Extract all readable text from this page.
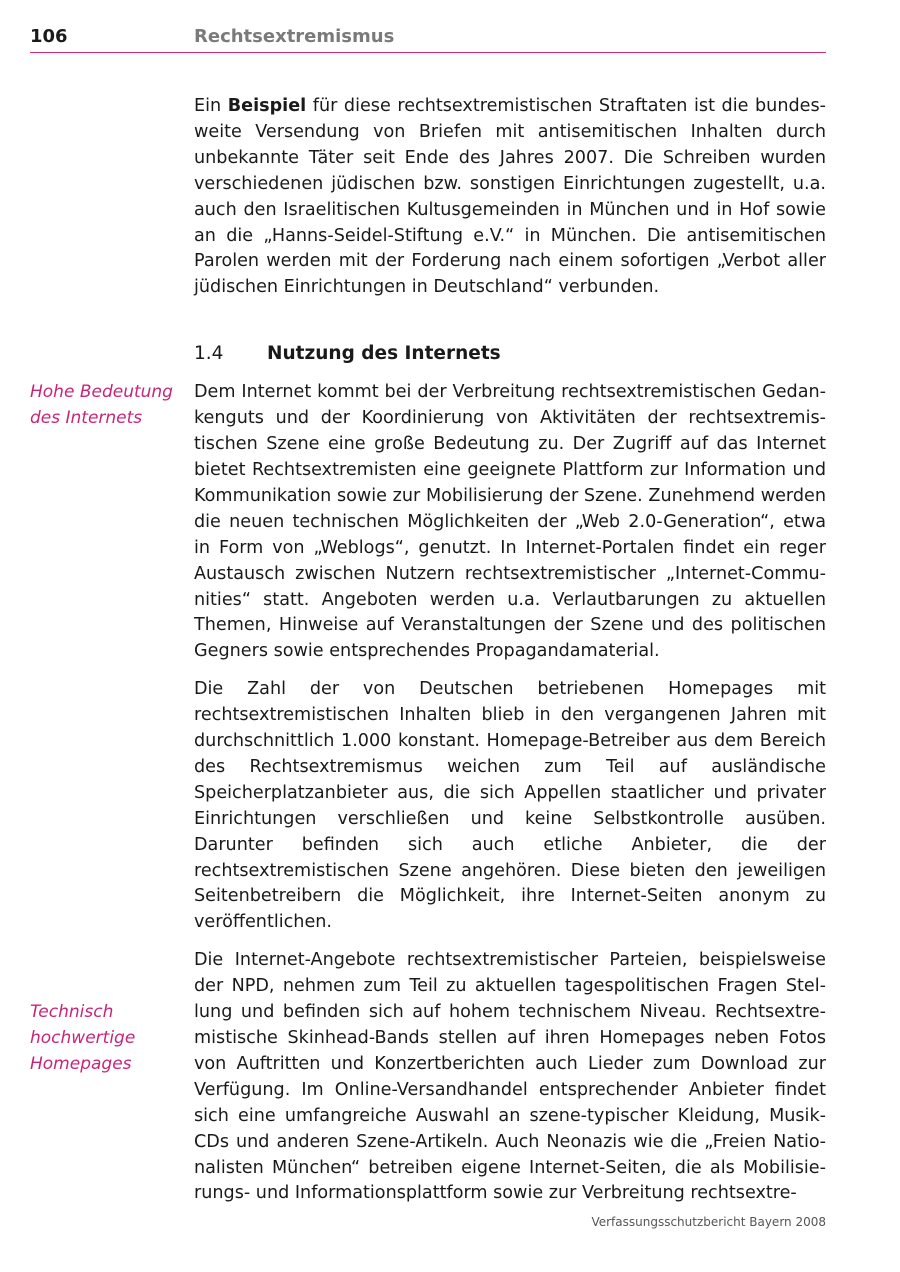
106	Rechtsextremismus
Hohe Bedeutung
des Internets
Technisch
hochwertige
Homepages

Ein Beispiel für diese rechtsextremistischen Straftaten ist die bundesweite Versendung von Briefen mit antisemitischen Inhalten durch unbekannte Täter seit Ende des Jahres 2007. Die Schreiben wurden verschiedenen jüdischen bzw. sonstigen Einrichtungen zugestellt, u.a. auch den Israelitischen Kultusgemeinden in München und in Hof sowie an die „Hanns-Seidel-Stiftung e.V.“ in München. Die antisemitischen Parolen werden mit der Forderung nach einem sofortigen „Verbot aller jüdischen Einrichtungen in Deutschland“ verbunden.

1.4 Nutzung des Internets

Dem Internet kommt bei der Verbreitung rechtsextremistischen Gedankenguts und der Koordinierung von Aktivitäten der rechtsextremistischen Szene eine große Bedeutung zu. Der Zugriff auf das Internet bietet Rechtsextremisten eine geeignete Plattform zur Information und Kommunikation sowie zur Mobilisierung der Szene. Zunehmend werden die neuen technischen Möglichkeiten der „Web 2.0-Generation“, etwa in Form von „Weblogs“, genutzt. In Internet-Portalen findet ein reger Austausch zwischen Nutzern rechtsextremistischer „Internet-Communities“ statt. Angeboten werden u.a. Verlautbarungen zu aktuellen Themen, Hinweise auf Veranstaltungen der Szene und des politischen Gegners sowie entsprechendes Propagandamaterial.

Die Zahl der von Deutschen betriebenen Homepages mit rechtsextremistischen Inhalten blieb in den vergangenen Jahren mit durchschnittlich 1.000 konstant. Homepage-Betreiber aus dem Bereich des Rechtsextremismus weichen zum Teil auf ausländische Speicherplatzanbieter aus, die sich Appellen staatlicher und privater Einrichtungen verschließen und keine Selbstkontrolle ausüben. Darunter befinden sich auch etliche Anbieter, die der rechtsextremistischen Szene angehören. Diese bieten den jeweiligen Seitenbetreibern die Möglichkeit, ihre Internet-Seiten anonym zu veröffentlichen.

Die Internet-Angebote rechtsextremistischer Parteien, beispielsweise der NPD, nehmen zum Teil zu aktuellen tagespolitischen Fragen Stellung und befinden sich auf hohem technischem Niveau. Rechtsextremistische Skinhead-Bands stellen auf ihren Homepages neben Fotos von Auftritten und Konzertberichten auch Lieder zum Download zur Verfügung. Im Online-Versandhandel entsprechender Anbieter findet sich eine umfangreiche Auswahl an szene-typischer Kleidung, Musik-CDs und anderen Szene-Artikeln. Auch Neonazis wie die „Freien Nationalisten München“ betreiben eigene Internet-Seiten, die als Mobilisierungs- und Informationsplattform sowie zur Verbreitung rechtsextre-

Verfassungsschutzbericht Bayern 2008
